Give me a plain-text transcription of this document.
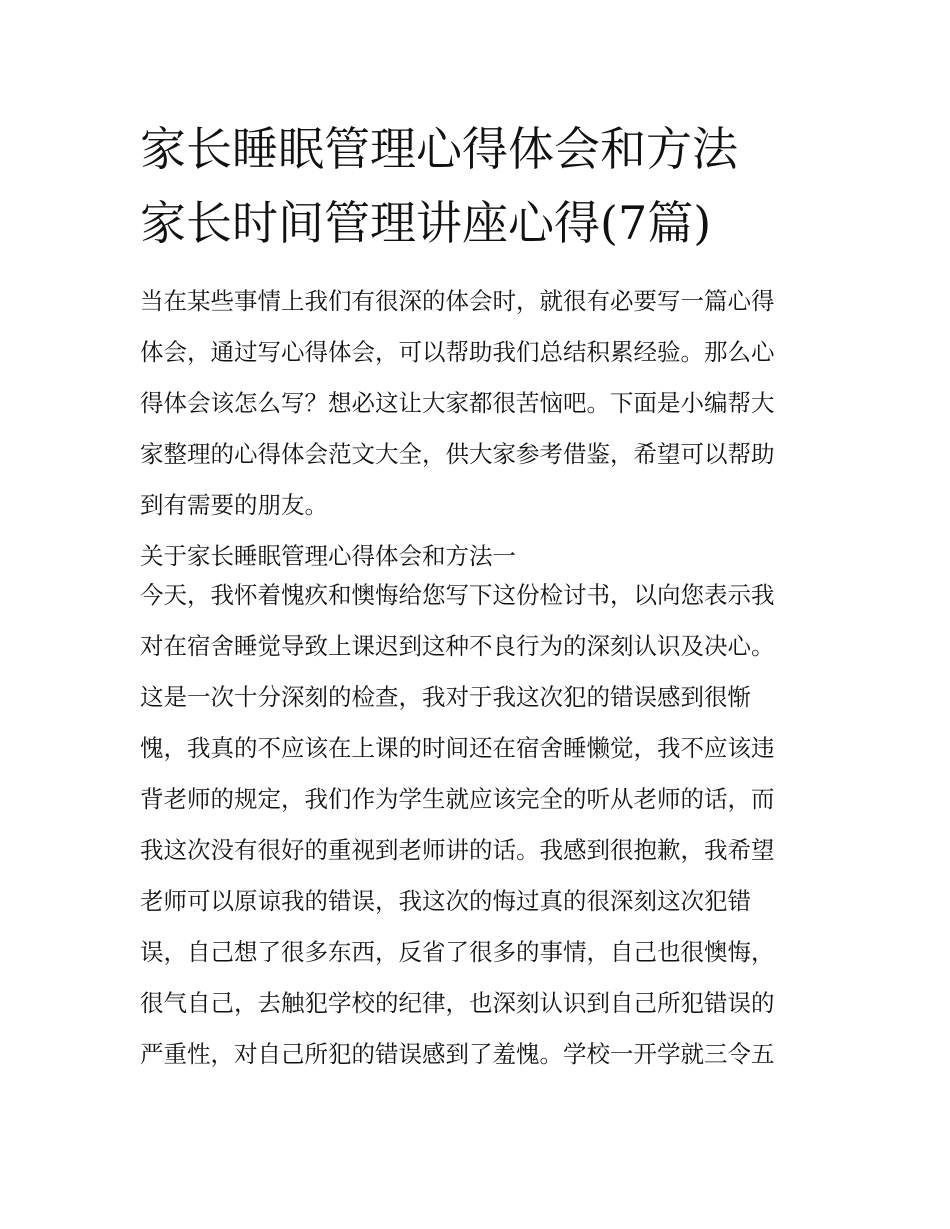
家长睡眠管理心得体会和方法
家长时间管理讲座心得(7篇)
当在某些事情上我们有很深的体会时，就很有必要写一篇心得
体会，通过写心得体会，可以帮助我们总结积累经验。那么心
得体会该怎么写？想必这让大家都很苦恼吧。下面是小编帮大
家整理的心得体会范文大全，供大家参考借鉴，希望可以帮助
到有需要的朋友。
关于家长睡眠管理心得体会和方法一
今天，我怀着愧疚和懊悔给您写下这份检讨书，以向您表示我
对在宿舍睡觉导致上课迟到这种不良行为的深刻认识及决心。
这是一次十分深刻的检查，我对于我这次犯的错误感到很惭
愧，我真的不应该在上课的时间还在宿舍睡懒觉，我不应该违
背老师的规定，我们作为学生就应该完全的听从老师的话，而
我这次没有很好的重视到老师讲的话。我感到很抱歉，我希望
老师可以原谅我的错误，我这次的悔过真的很深刻这次犯错
误，自己想了很多东西，反省了很多的事情，自己也很懊悔，
很气自己，去触犯学校的纪律，也深刻认识到自己所犯错误的
严重性，对自己所犯的错误感到了羞愧。学校一开学就三令五
